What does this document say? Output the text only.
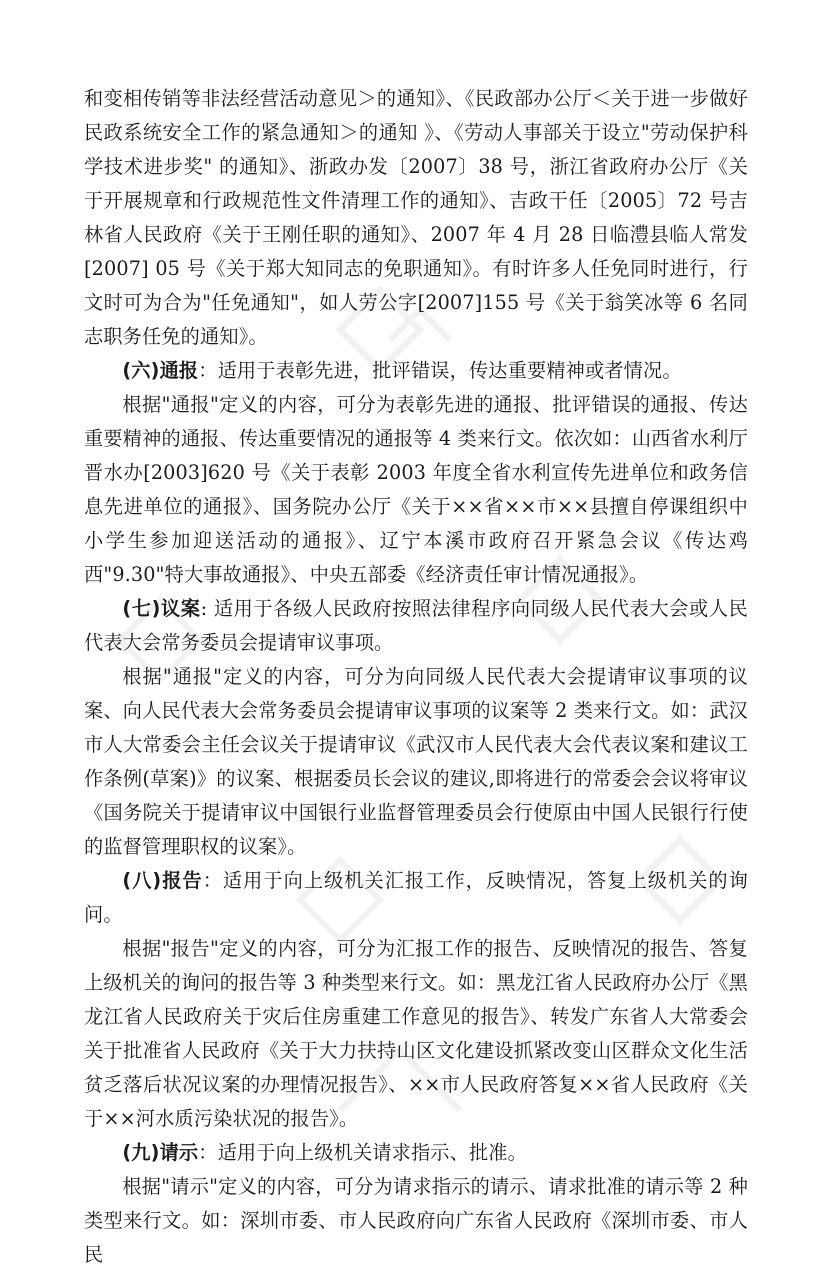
和变相传销等非法经营活动意见＞的通知》、《民政部办公厅＜关于进一步做好民政系统安全工作的紧急通知＞的通知 》、《劳动人事部关于设立"劳动保护科学技术进步奖" 的通知》、浙政办发〔2007〕38 号，浙江省政府办公厅《关于开展规章和行政规范性文件清理工作的通知》、吉政干任〔2005〕72 号吉林省人民政府《关于王刚任职的通知》、2007 年 4 月 28 日临澧县临人常发[2007] 05 号《关于郑大知同志的免职通知》。有时许多人任免同时进行，行文时可为合为"任免通知"，如人劳公字[2007]155 号《关于翁笑冰等 6 名同志职务任免的通知》。

(六)通报：适用于表彰先进，批评错误，传达重要精神或者情况。

根据"通报"定义的内容，可分为表彰先进的通报、批评错误的通报、传达重要精神的通报、传达重要情况的通报等 4 类来行文。依次如：山西省水利厅晋水办[2003]620 号《关于表彰 2003 年度全省水利宣传先进单位和政务信息先进单位的通报》、国务院办公厅《关于××省××市××县擅自停课组织中小学生参加迎送活动的通报》、辽宁本溪市政府召开紧急会议《传达鸡西"9.30"特大事故通报》、中央五部委《经济责任审计情况通报》。

(七)议案: 适用于各级人民政府按照法律程序向同级人民代表大会或人民代表大会常务委员会提请审议事项。

根据"通报"定义的内容，可分为向同级人民代表大会提请审议事项的议案、向人民代表大会常务委员会提请审议事项的议案等 2 类来行文。如：武汉市人大常委会主任会议关于提请审议《武汉市人民代表大会代表议案和建议工作条例(草案)》的议案、根据委员长会议的建议,即将进行的常委会会议将审议《国务院关于提请审议中国银行业监督管理委员会行使原由中国人民银行行使的监督管理职权的议案》。

(八)报告：适用于向上级机关汇报工作，反映情况，答复上级机关的询问。

根据"报告"定义的内容，可分为汇报工作的报告、反映情况的报告、答复上级机关的询问的报告等 3 种类型来行文。如：黑龙江省人民政府办公厅《黑龙江省人民政府关于灾后住房重建工作意见的报告》、转发广东省人大常委会关于批准省人民政府《关于大力扶持山区文化建设抓紧改变山区群众文化生活贫乏落后状况议案的办理情况报告》、××市人民政府答复××省人民政府《关于××河水质污染状况的报告》。

(九)请示：适用于向上级机关请求指示、批准。

根据"请示"定义的内容，可分为请求指示的请示、请求批准的请示等 2 种类型来行文。如：深圳市委、市人民政府向广东省人民政府《深圳市委、市人民
